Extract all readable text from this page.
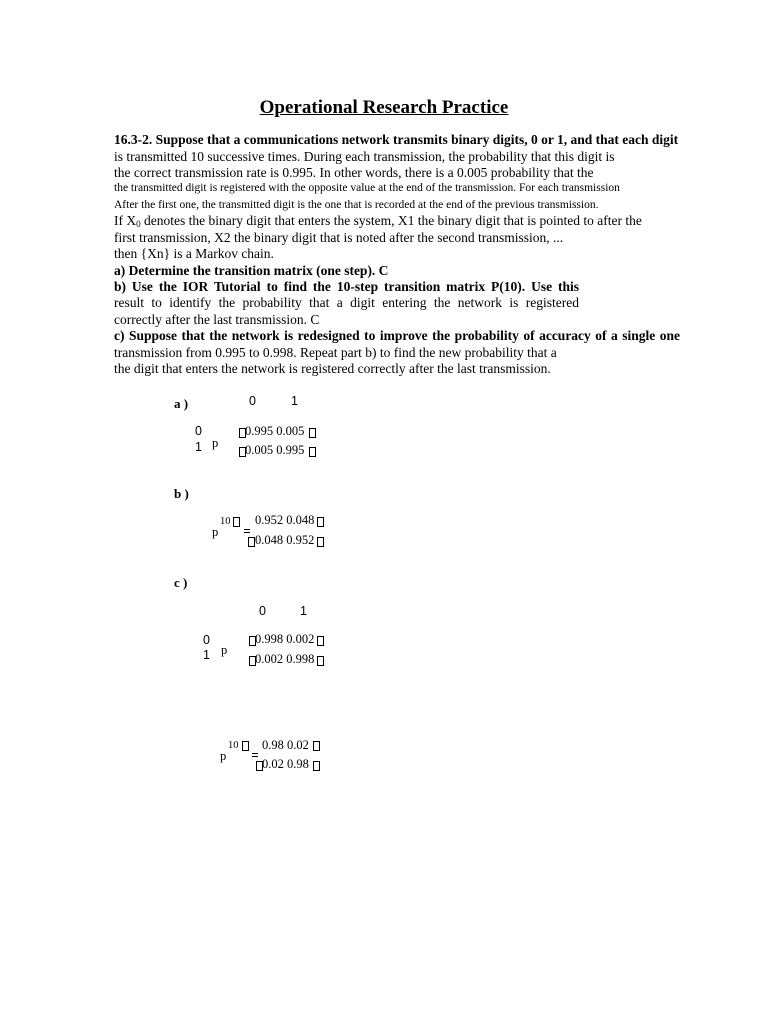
Operational Research Practice
16.3-2. Suppose that a communications network transmits binary digits, 0 or 1, and that each digit
is transmitted 10 successive times. During each transmission, the probability that this digit is
the correct transmission rate is 0.995. In other words, there is a 0.005 probability that the
the transmitted digit is registered with the opposite value at the end of the transmission. For each transmission
After the first one, the transmitted digit is the one that is recorded at the end of the previous transmission.
If $X_0$ denotes the binary digit that enters the system, X1 the binary digit that is pointed to after the
first transmission, X2 the binary digit that is noted after the second transmission, ...
then {Xn} is a Markov chain.
a) Determine the transition matrix (one step). C
b) Use the IOR Tutorial to find the 10-step transition matrix P(10). Use this
result to identify the probability that a digit entering the network is registered
correctly after the last transmission. C
c) Suppose that the network is redesigned to improve the probability of accuracy of a single one
transmission from 0.995 to 0.998. Repeat part b) to find the new probability that a
the digit that enters the network is registered correctly after the last transmission.
a )	0	1
0
1 p
0.995 0.005
0.005 0.995
b )
10
p
0.952 0.048
0.048 0.952
c )
0	1
0
1 p
0.998 0.002
0.002 0.998
10
p
0.98 0.02
0.02 0.98
